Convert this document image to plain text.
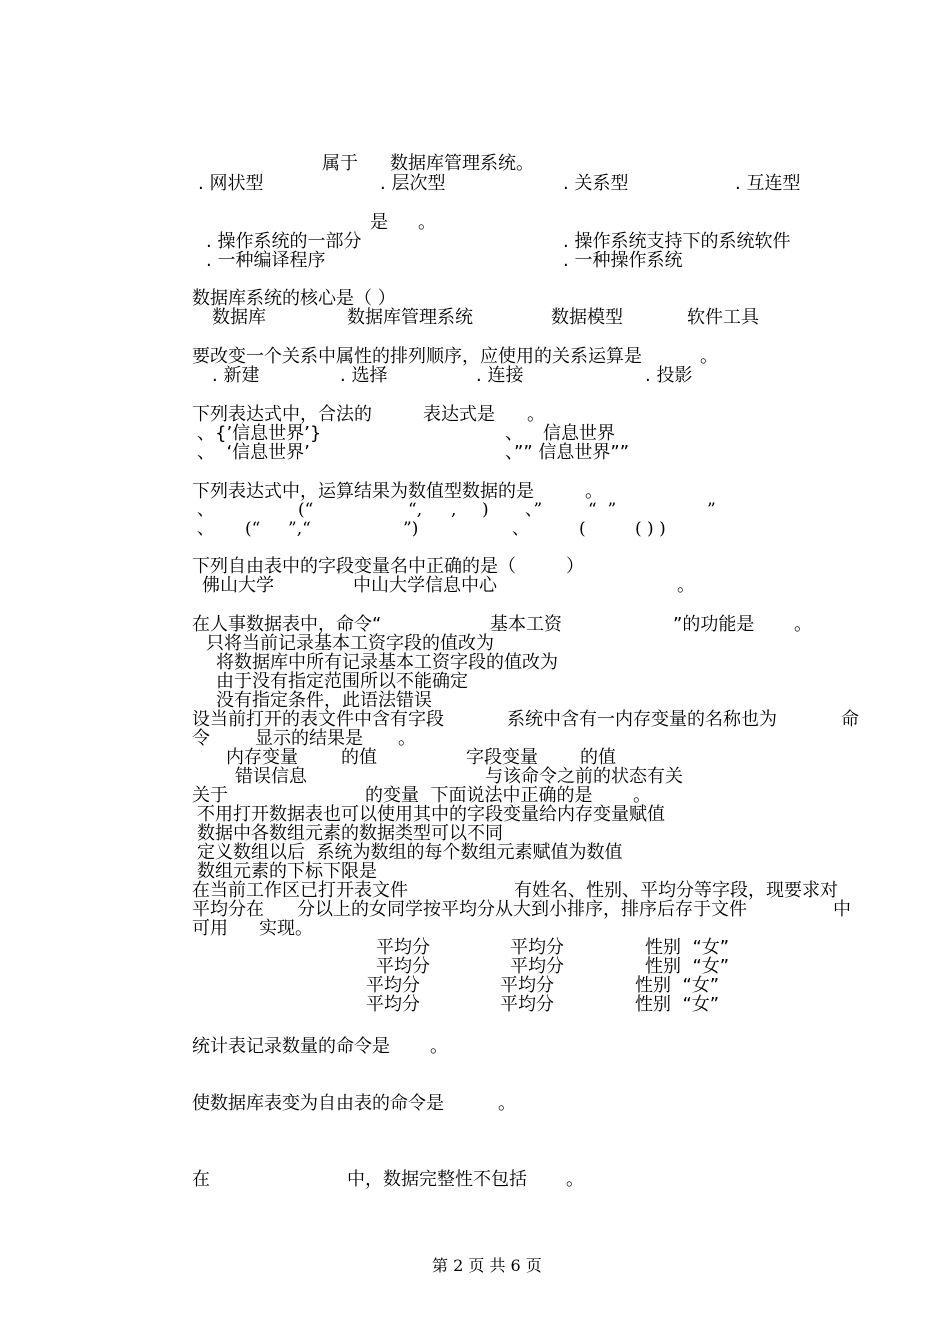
属于 数据库管理系统。
. 网状型	. 层次型	. 关系型	. 互连型
是 。
. 操作系统的一部分	. 操作系统支持下的系统软件
. 一种编译程序	. 一种操作系统
数据库系统的核心是（ ）
数据库	数据库管理系统	数据模型	软件工具
要改变一个关系中属性的排列顺序，应使用的关系运算是	。
. 新建	. 选择	. 连接	. 投影
下列表达式中，合法的	表达式是 。
、{’信息世界’}	、 信息世界
、  ‘信息世界’	、”” 信息世界””
下列表达式中，运算结果为数值型数据的是	。
、	(“	“, , ) 、”	“  ”	”
、 (“ ”,“	”)	、	(	( ) )
下列自由表中的字段变量名中正确的是（	）
佛山大学	中山大学信息中心	。
在人事数据表中，命令“	基本工资	”的功能是 。
只将当前记录基本工资字段的值改为
将数据库中所有记录基本工资字段的值改为
由于没有指定范围所以不能确定
没有指定条件，此语法错误
设当前打开的表文件中含有字段	系统中含有一内存变量的名称也为	命
令	显示的结果是 。
内存变量 的值	字段变量 的值
错误信息	与该命令之前的状态有关
关于	的变量  下面说法中正确的是 。
不用打开数据表也可以使用其中的字段变量给内存变量赋值
数据中各数组元素的数据类型可以不同
定义数组以后  系统为数组的每个数组元素赋值为数值
数组元素的下标下限是
在当前工作区已打开表文件	有姓名、性别、平均分等字段，现要求对
平均分在 分以上的女同学按平均分从大到小排序，排序后存于文件	中
可用 实现。
平均分	平均分	性别  “女”
平均分	平均分	性别  “女”
平均分	平均分	性别  “女”
平均分	平均分	性别  “女”
统计表记录数量的命令是 。
使数据库表变为自由表的命令是	。
在	中，数据完整性不包括 。
第 2 页 共 6 页
